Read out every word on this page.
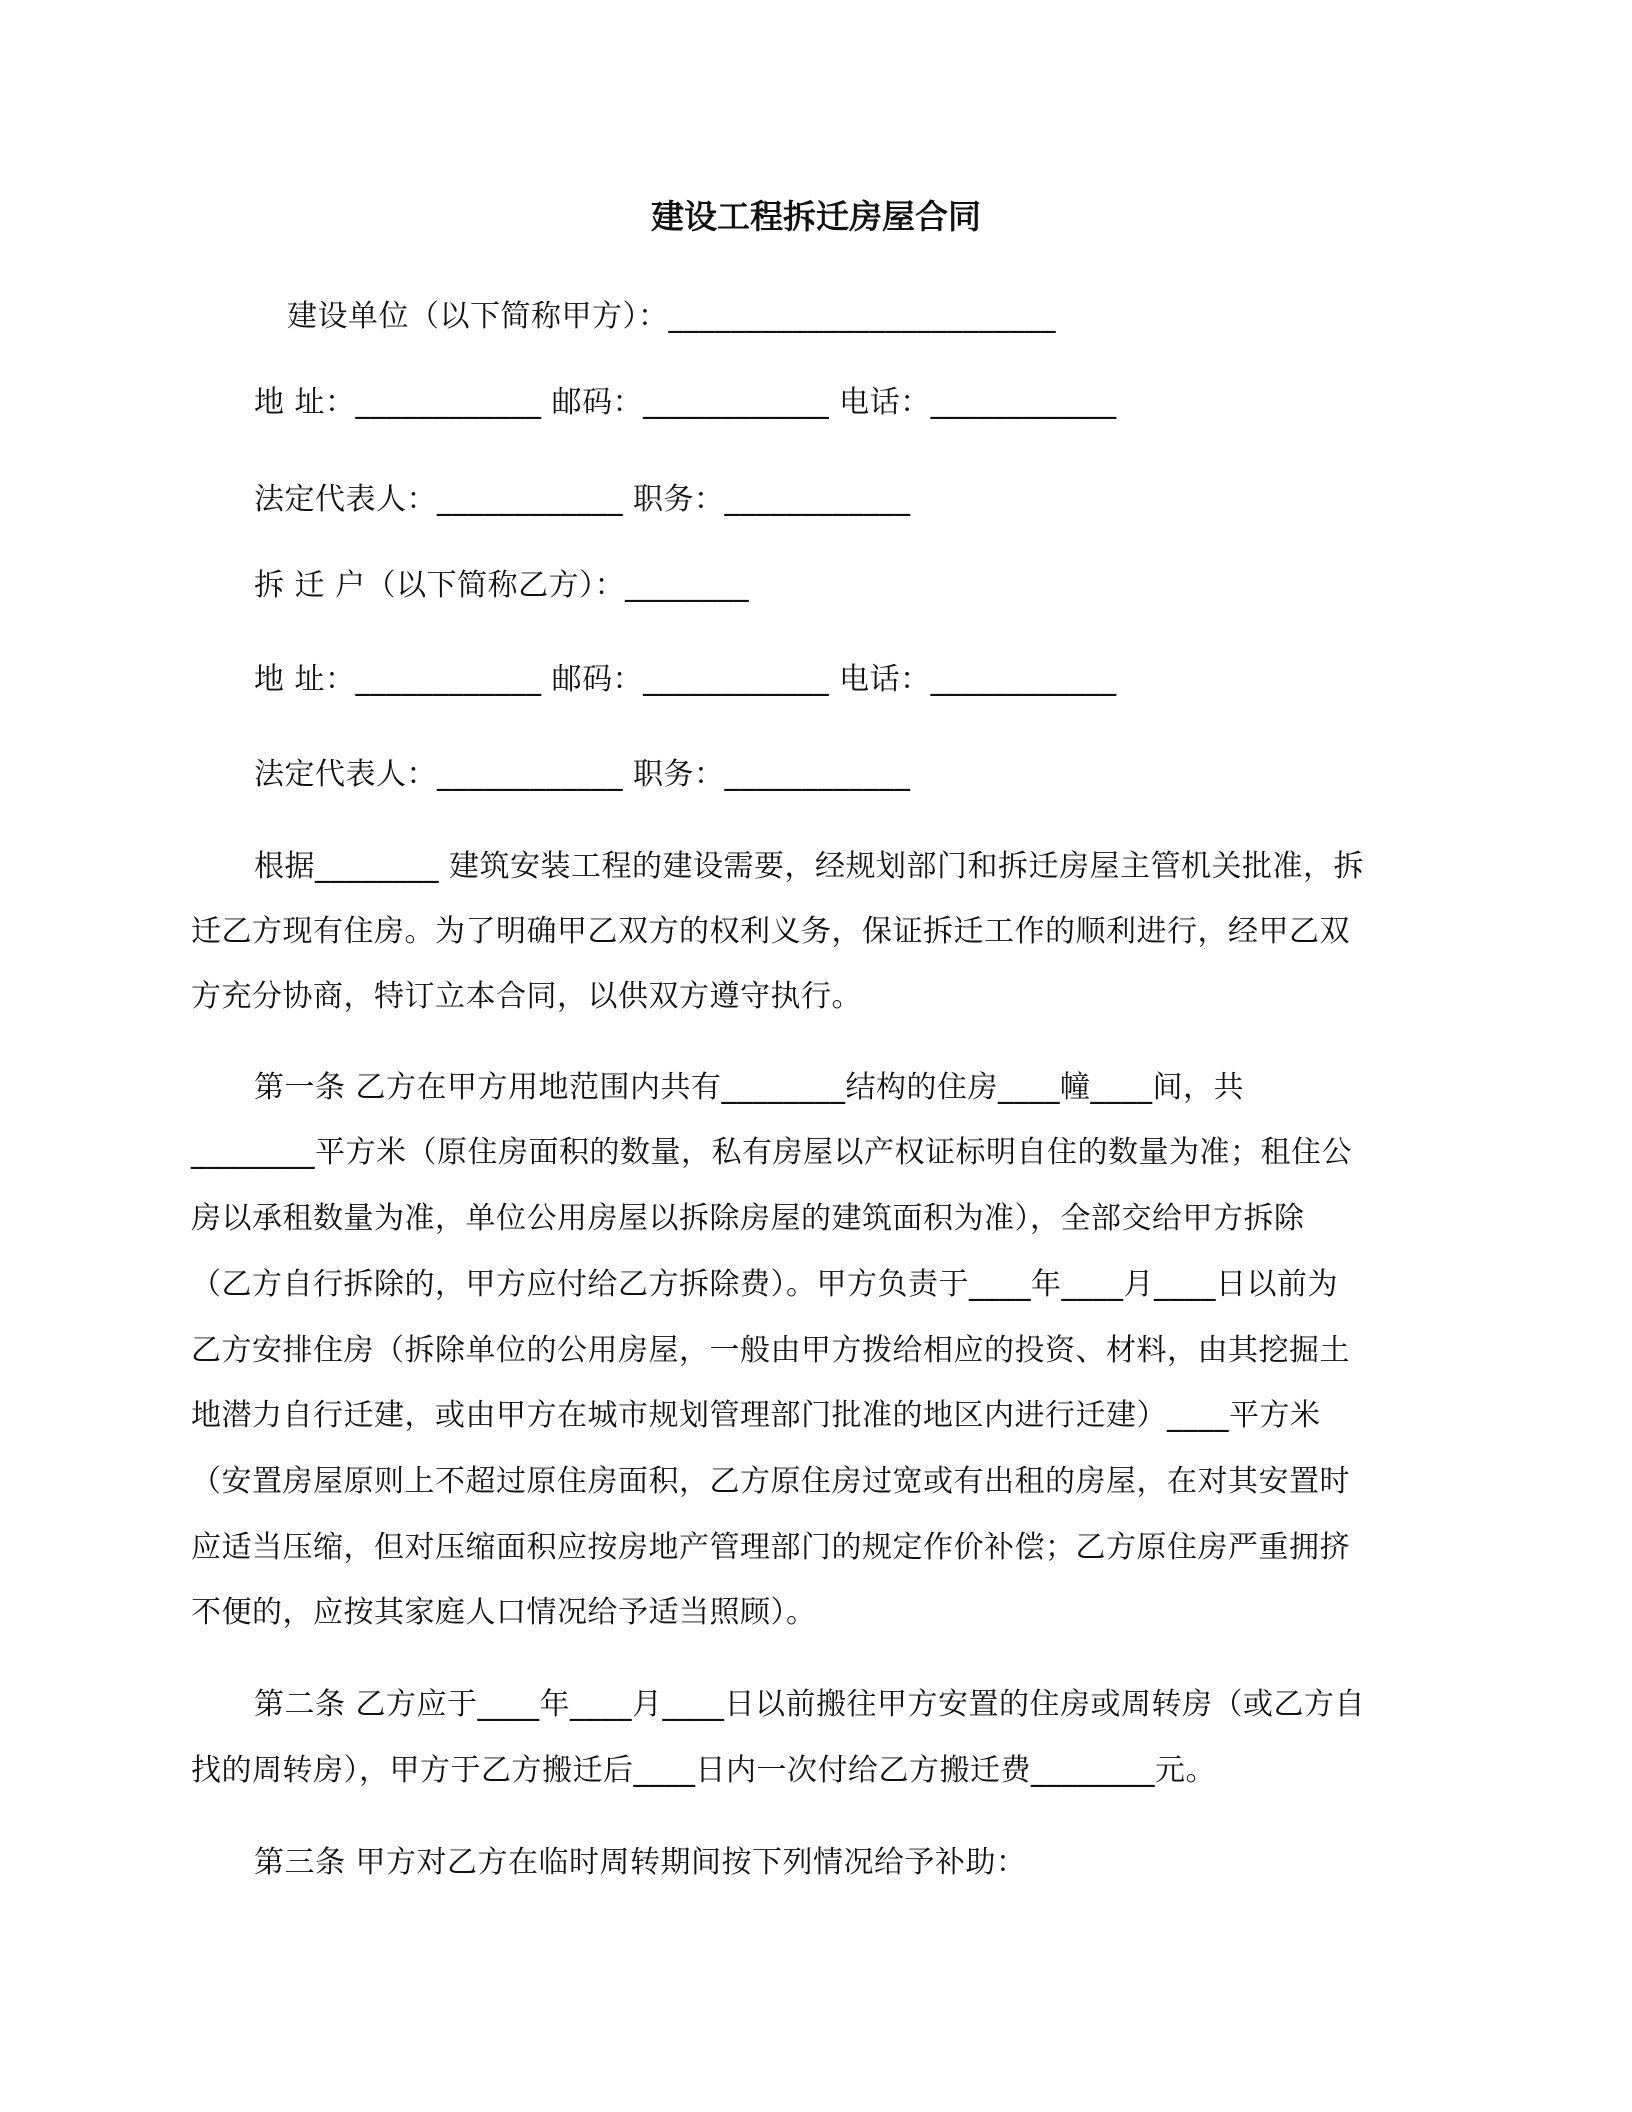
建设工程拆迁房屋合同
建设单位（以下简称甲方）：_________________________
地 址：____________ 邮码：____________ 电话：____________
法定代表人：____________ 职务：____________
拆 迁 户（以下简称乙方）：________
地 址：____________ 邮码：____________ 电话：____________
法定代表人：____________ 职务：____________
根据________ 建筑安装工程的建设需要，经规划部门和拆迁房屋主管机关批准，拆
迁乙方现有住房。为了明确甲乙双方的权利义务，保证拆迁工作的顺利进行，经甲乙双
方充分协商，特订立本合同，以供双方遵守执行。
第一条 乙方在甲方用地范围内共有________结构的住房____幢____间，共
________平方米（原住房面积的数量，私有房屋以产权证标明自住的数量为准；租住公
房以承租数量为准，单位公用房屋以拆除房屋的建筑面积为准），全部交给甲方拆除
（乙方自行拆除的，甲方应付给乙方拆除费）。甲方负责于____年____月____日以前为
乙方安排住房（拆除单位的公用房屋，一般由甲方拨给相应的投资、材料，由其挖掘土
地潜力自行迁建，或由甲方在城市规划管理部门批准的地区内进行迁建）____平方米
（安置房屋原则上不超过原住房面积，乙方原住房过宽或有出租的房屋，在对其安置时
应适当压缩，但对压缩面积应按房地产管理部门的规定作价补偿；乙方原住房严重拥挤
不便的，应按其家庭人口情况给予适当照顾）。
第二条 乙方应于____年____月____日以前搬往甲方安置的住房或周转房（或乙方自
找的周转房），甲方于乙方搬迁后____日内一次付给乙方搬迁费________元。
第三条 甲方对乙方在临时周转期间按下列情况给予补助：
